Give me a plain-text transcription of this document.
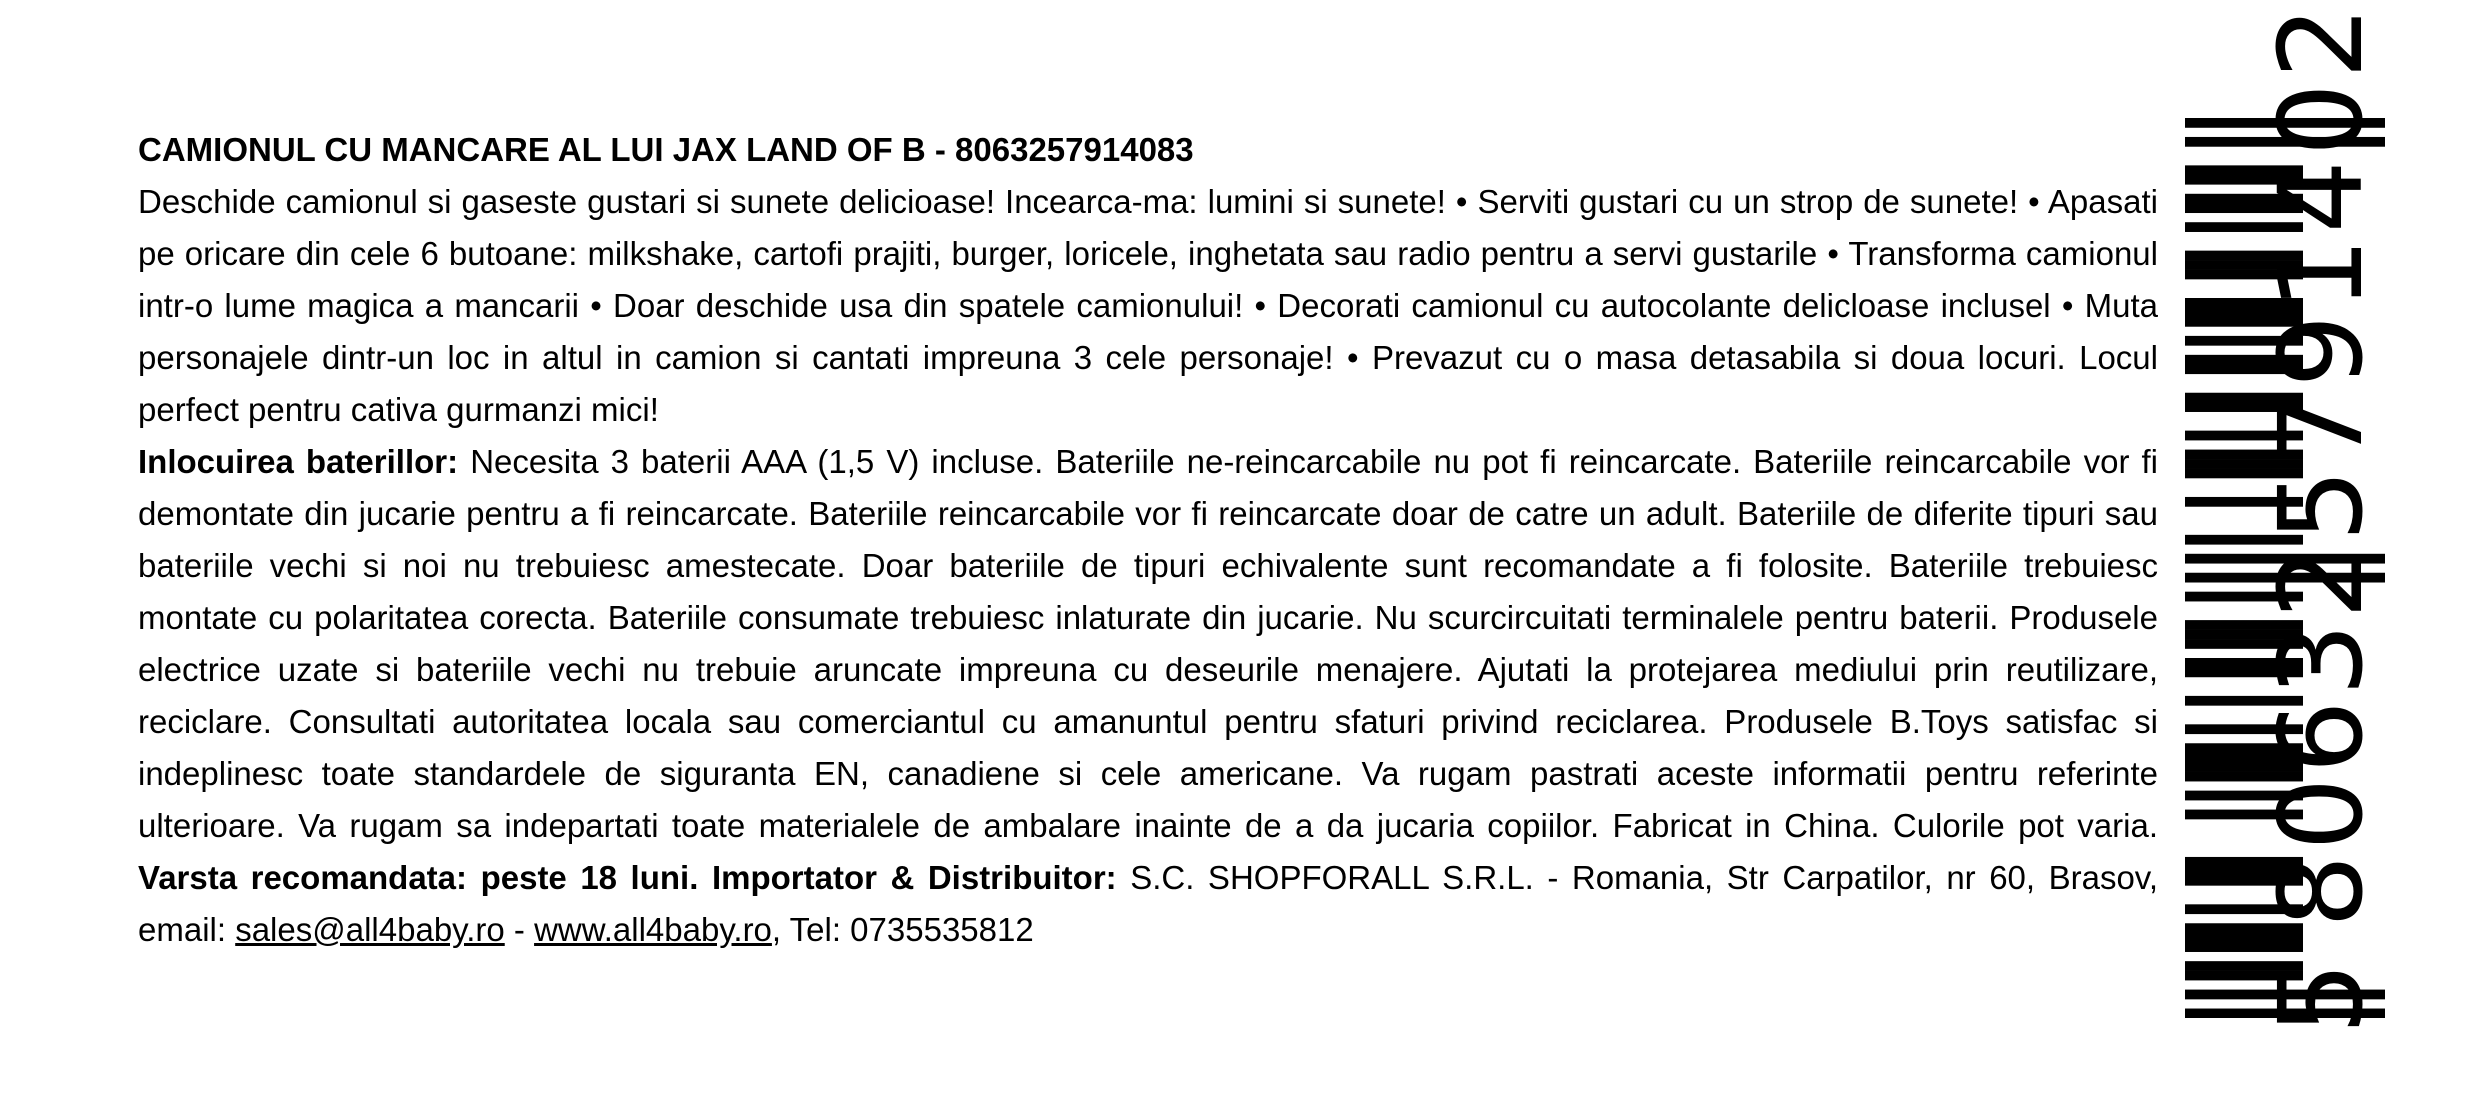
CAMIONUL CU MANCARE AL LUI JAX LAND OF B - 8063257914083
Deschide camionul si gaseste gustari si sunete delicioase! Incearca-ma: lumini si sunete! • Serviti gustari cu un strop de sunete! • Apasati pe oricare din cele 6 butoane: milkshake, cartofi prajiti, burger, loricele, inghetata sau radio pentru a servi gustarile • Transforma camionul intr-o lume magica a mancarii • Doar deschide usa din spatele camionului! • Decorati camionul cu autocolante delicloase inclusel • Muta personajele dintr-un loc in altul in camion si cantati impreuna 3 cele personaje! • Prevazut cu o masa detasabila si doua locuri. Locul perfect pentru cativa gurmanzi mici!
Inlocuirea baterillor: Necesita 3 baterii AAA (1,5 V) incluse. Bateriile ne-reincarcabile nu pot fi reincarcate. Bateriile reincarcabile vor fi demontate din jucarie pentru a fi reincarcate. Bateriile reincarcabile vor fi reincarcate doar de catre un adult. Bateriile de diferite tipuri sau bateriile vechi si noi nu trebuiesc amestecate. Doar bateriile de tipuri echivalente sunt recomandate a fi folosite. Bateriile trebuiesc montate cu polaritatea corecta. Bateriile consumate trebuiesc inlaturate din jucarie. Nu scurcircuitati terminalele pentru baterii. Produsele electrice uzate si bateriile vechi nu trebuie aruncate impreuna cu deseurile menajere. Ajutati la protejarea mediului prin reutilizare, reciclare. Consultati autoritatea locala sau comerciantul cu amanuntul pentru sfaturi privind reciclarea. Produsele B.Toys satisfac si indeplinesc toate standardele de siguranta EN, canadiene si cele americane. Va rugam pastrati aceste informatii pentru referinte ulterioare. Va rugam sa indepartati toate materialele de ambalare inainte de a da jucaria copiilor. Fabricat in China. Culorile pot varia. Varsta recomandata: peste 18 luni. Importator & Distribuitor: S.C. SHOPFORALL S.R.L. - Romania, Str Carpatilor, nr 60, Brasov, email: sales@all4baby.ro - www.all4baby.ro, Tel: 0735535812
5806325791402
